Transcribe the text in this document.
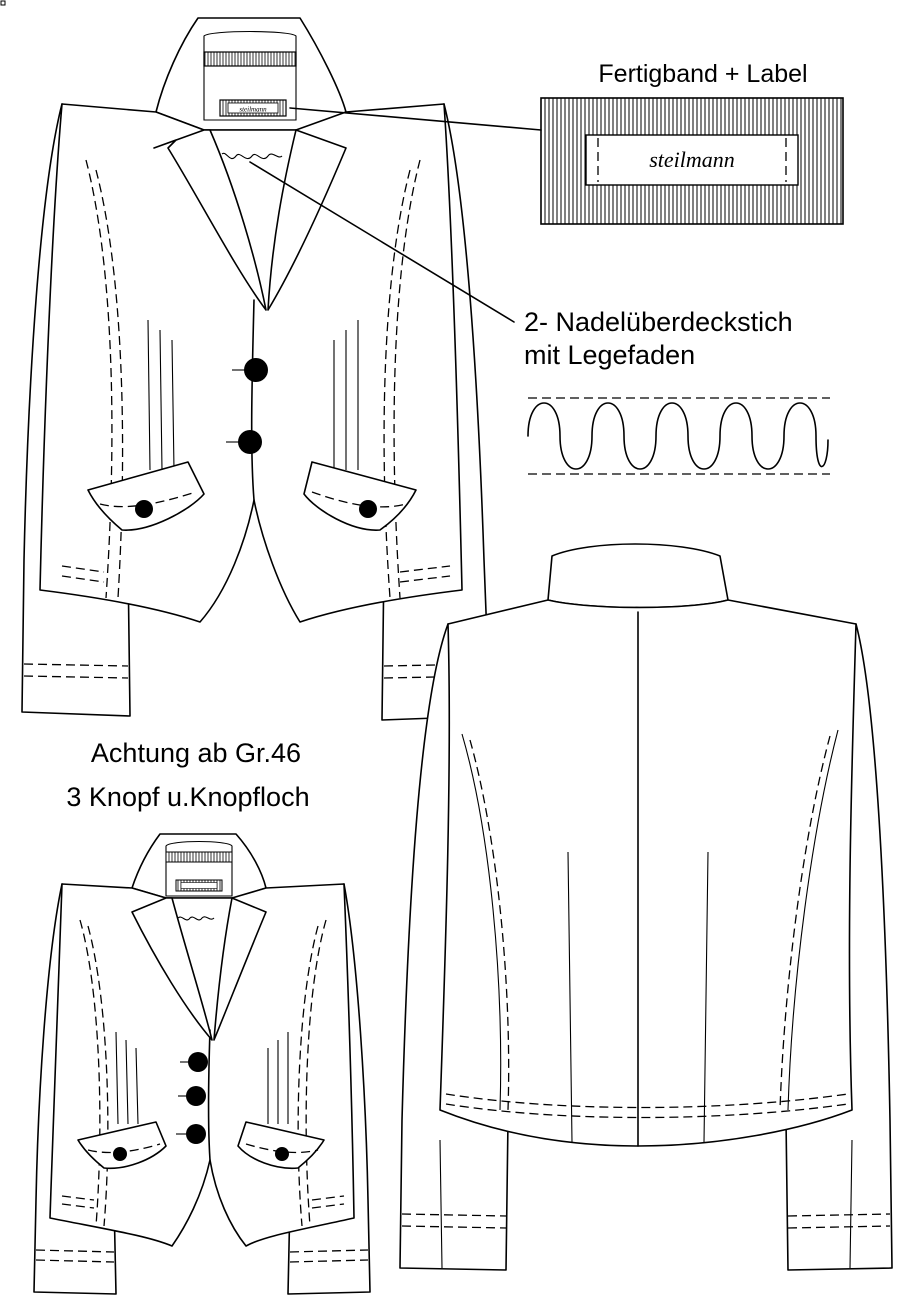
steilmann
Fertigband + Label
steilmann
2- Nadelüberdeckstich
mit Legefaden
Achtung ab Gr.46
3 Knopf u.Knopfloch
